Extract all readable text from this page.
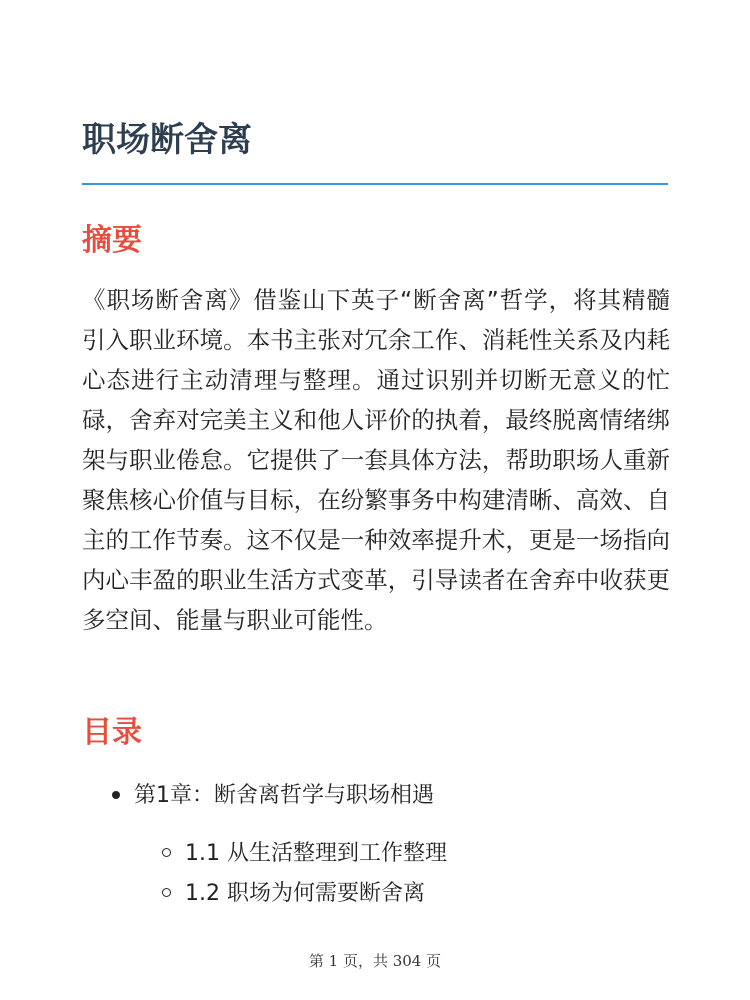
职场断舍离
摘要

《职场断舍离》借鉴山下英子“断舍离”哲学，将其精髓引入职业环境。本书主张对冗余工作、消耗性关系及内耗心态进行主动清理与整理。通过识别并切断无意义的忙碌，舍弃对完美主义和他人评价的执着，最终脱离情绪绑架与职业倦怠。它提供了一套具体方法，帮助职场人重新聚焦核心价值与目标，在纷繁事务中构建清晰、高效、自主的工作节奏。这不仅是一种效率提升术，更是一场指向内心丰盈的职业生活方式变革，引导读者在舍弃中收获更多空间、能量与职业可能性。

目录
第1章：断舍离哲学与职场相遇
1.1 从生活整理到工作整理
1.2 职场为何需要断舍离
第 1 页，共 304 页
